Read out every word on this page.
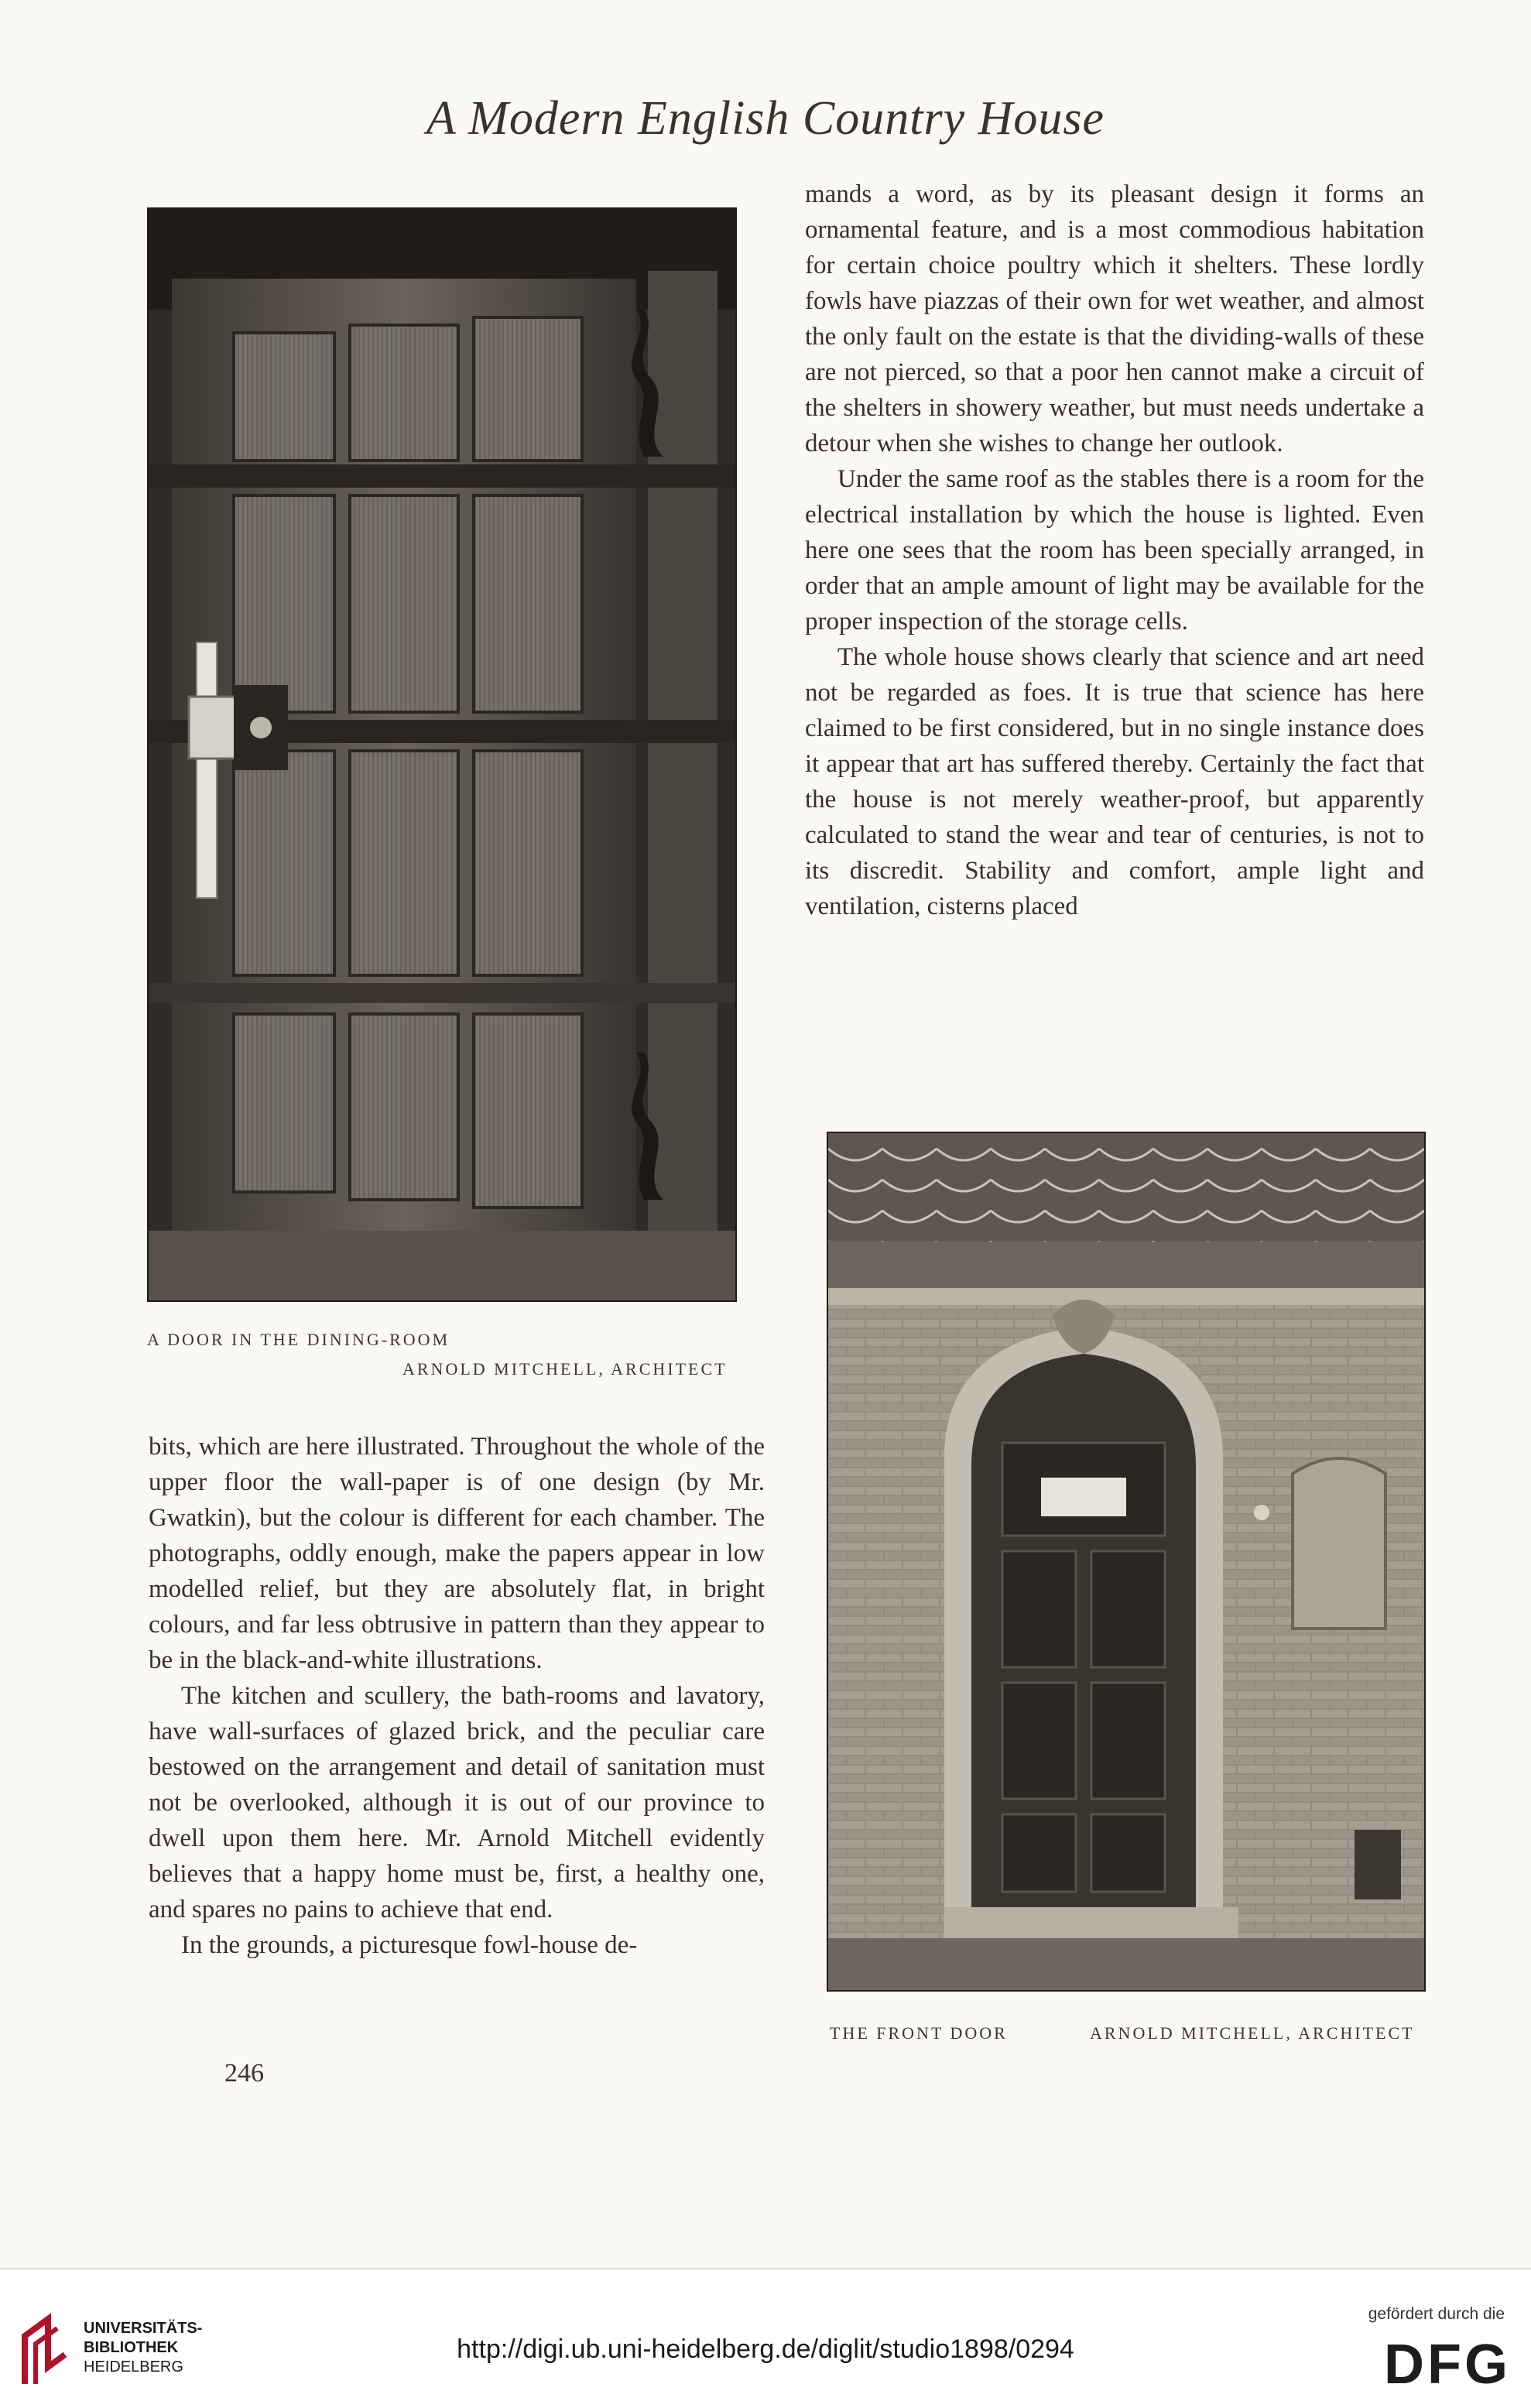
A Modern English Country House

mands a word, as by its pleasant design it forms an ornamental feature, and is a most commodious habitation for certain choice poultry which it shelters. These lordly fowls have piazzas of their own for wet weather, and almost the only fault on the estate is that the dividing-walls of these are not pierced, so that a poor hen cannot make a circuit of the shelters in showery weather, but must needs undertake a detour when she wishes to change her outlook.

Under the same roof as the stables there is a room for the electrical installation by which the house is lighted. Even here one sees that the room has been specially arranged, in order that an ample amount of light may be available for the proper inspection of the storage cells.

The whole house shows clearly that science and art need not be regarded as foes. It is true that science has here claimed to be first considered, but in no single instance does it appear that art has suffered thereby. Certainly the fact that the house is not merely weather-proof, but apparently calculated to stand the wear and tear of centuries, is not to its discredit. Stability and comfort, ample light and ventilation, cisterns placed

A DOOR IN THE DINING-ROOM
ARNOLD MITCHELL, ARCHITECT

bits, which are here illustrated. Throughout the whole of the upper floor the wall-paper is of one design (by Mr. Gwatkin), but the colour is different for each chamber. The photographs, oddly enough, make the papers appear in low modelled relief, but they are absolutely flat, in bright colours, and far less obtrusive in pattern than they appear to be in the black-and-white illustrations.

The kitchen and scullery, the bath-rooms and lavatory, have wall-surfaces of glazed brick, and the peculiar care bestowed on the arrangement and detail of sanitation must not be overlooked, although it is out of our province to dwell upon them here. Mr. Arnold Mitchell evidently believes that a happy home must be, first, a healthy one, and spares no pains to achieve that end.

In the grounds, a picturesque fowl-house de-

THE FRONT DOOR	ARNOLD MITCHELL, ARCHITECT
246
UNIVERSITÄTS-
BIBLIOTHEK
HEIDELBERG
http://digi.ub.uni-heidelberg.de/diglit/studio1898/0294
gefördert durch die
DFG
